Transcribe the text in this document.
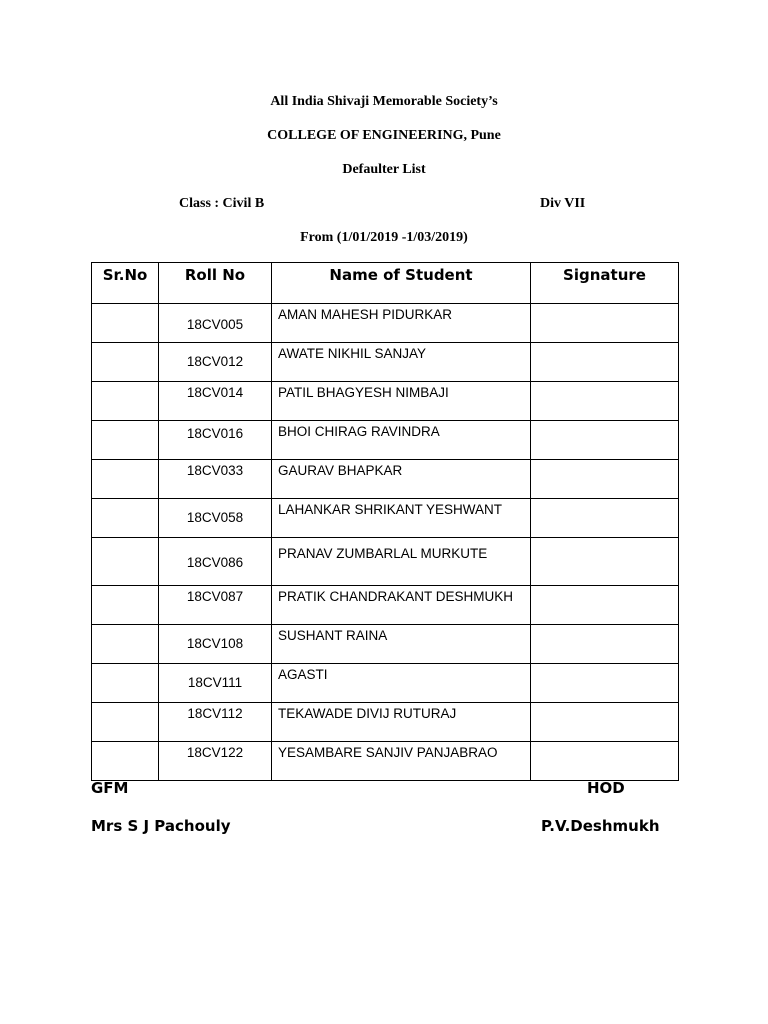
All India Shivaji Memorable Society’s
COLLEGE OF ENGINEERING, Pune
Defaulter List
Class : Civil B	Div VII
From (1/01/2019 -1/03/2019)
Sr.No	Roll No	Name of Student	Signature
	18CV005	AMAN MAHESH PIDURKAR	
	18CV012	AWATE NIKHIL SANJAY	
	18CV014	PATIL BHAGYESH NIMBAJI	
	18CV016	BHOI CHIRAG RAVINDRA	
	18CV033	GAURAV BHAPKAR	
	18CV058	LAHANKAR SHRIKANT YESHWANT	
	18CV086	PRANAV ZUMBARLAL MURKUTE	
	18CV087	PRATIK CHANDRAKANT DESHMUKH	
	18CV108	SUSHANT RAINA	
	18CV111	AGASTI	
	18CV112	TEKAWADE DIVIJ RUTURAJ	
	18CV122	YESAMBARE SANJIV PANJABRAO	
GFM	HOD
Mrs S J Pachouly	P.V.Deshmukh
